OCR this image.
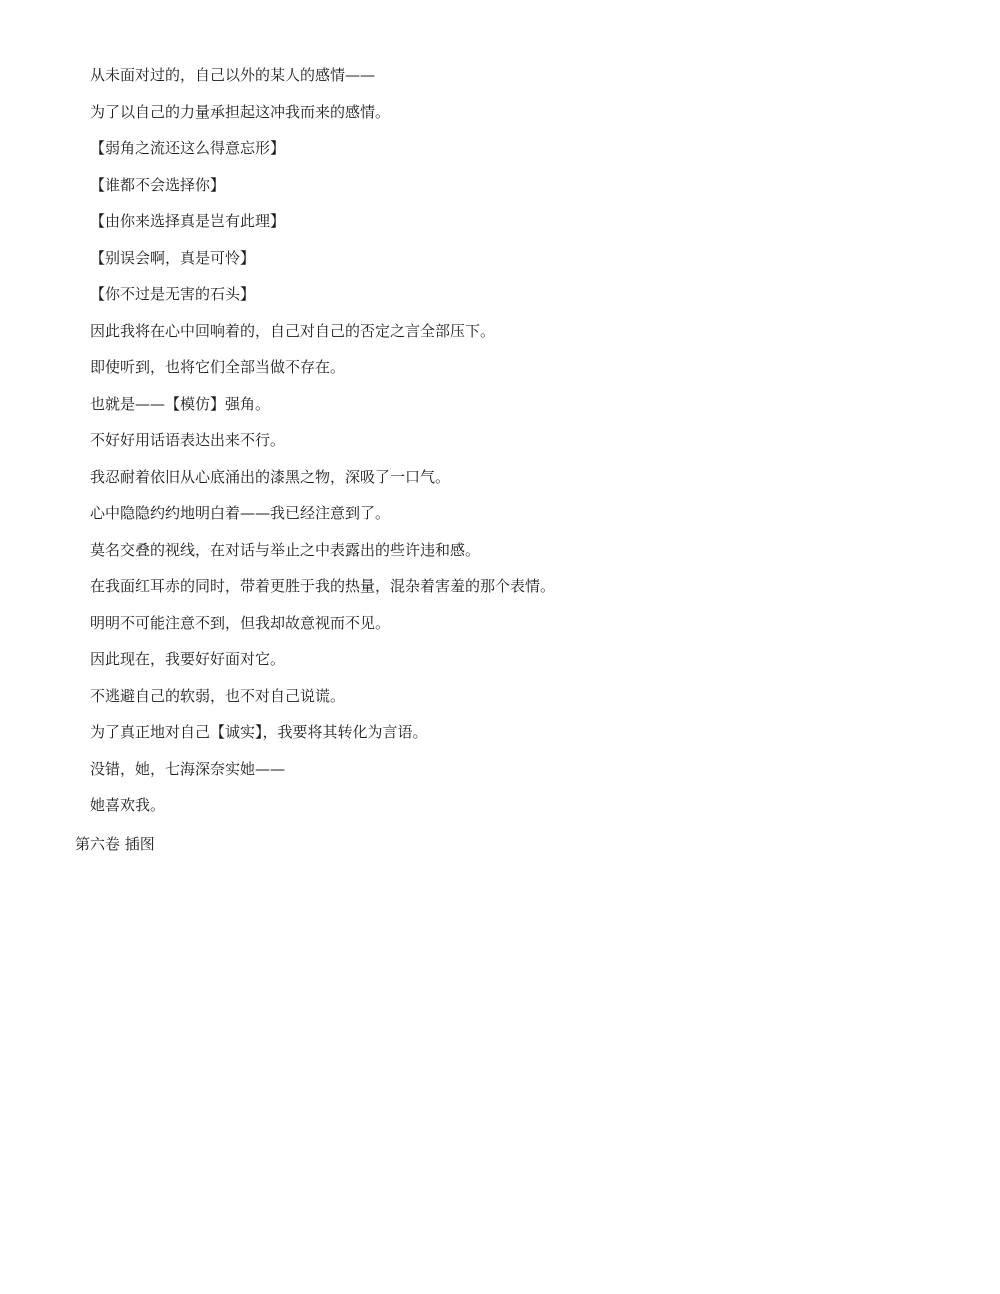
从未面对过的，自己以外的某人的感情——

为了以自己的力量承担起这冲我而来的感情。

【弱角之流还这么得意忘形】

【谁都不会选择你】

【由你来选择真是岂有此理】

【别误会啊，真是可怜】

【你不过是无害的石头】

因此我将在心中回响着的，自己对自己的否定之言全部压下。

即使听到，也将它们全部当做不存在。

也就是——【模仿】强角。

不好好用话语表达出来不行。

我忍耐着依旧从心底涌出的漆黑之物，深吸了一口气。

心中隐隐约约地明白着——我已经注意到了。

莫名交叠的视线，在对话与举止之中表露出的些许违和感。

在我面红耳赤的同时，带着更胜于我的热量，混杂着害羞的那个表情。

明明不可能注意不到，但我却故意视而不见。

因此现在，我要好好面对它。

不逃避自己的软弱，也不对自己说谎。

为了真正地对自己【诚实】，我要将其转化为言语。

没错，她，七海深奈实她——

她喜欢我。

第六卷 插图
